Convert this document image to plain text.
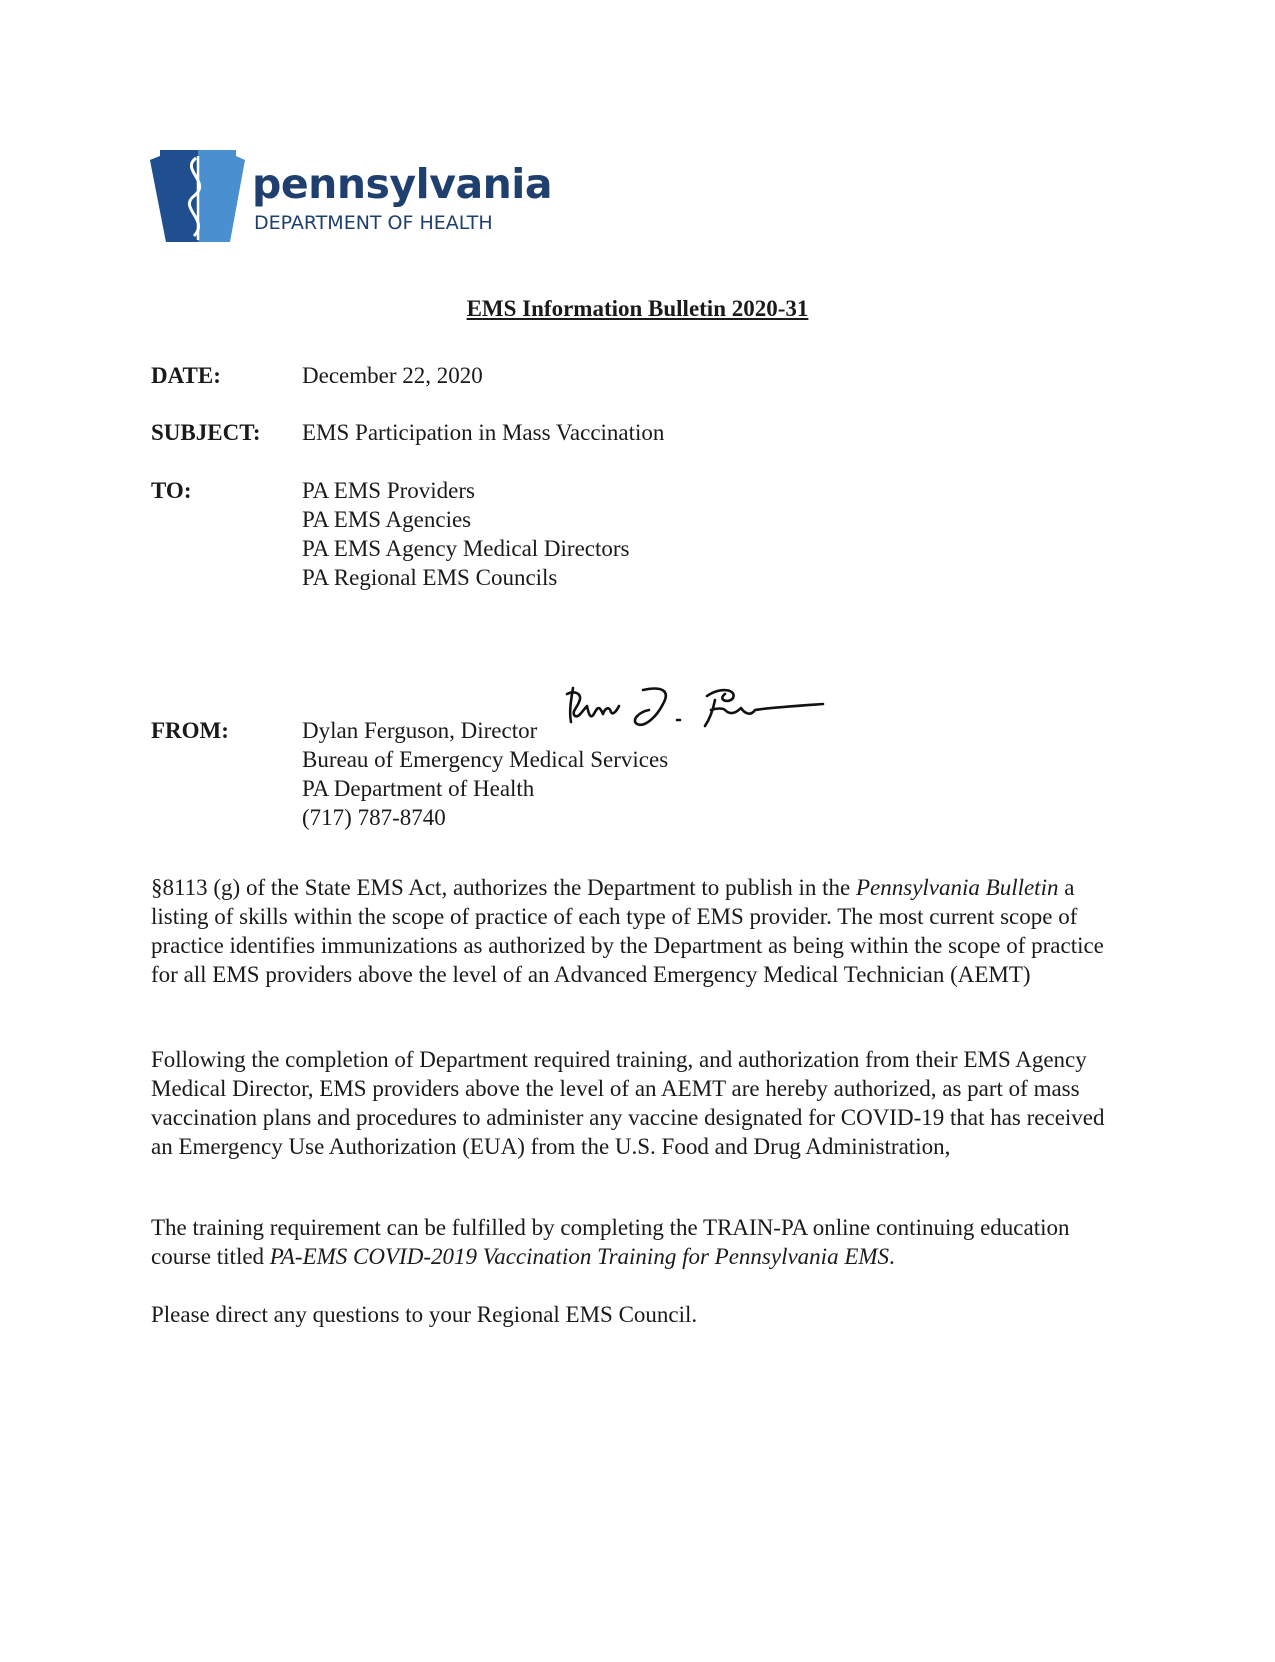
pennsylvania
DEPARTMENT OF HEALTH
EMS Information Bulletin 2020-31
DATE:	December 22, 2020
SUBJECT: EMS Participation in Mass Vaccination
TO:	PA EMS Providers
PA EMS Agencies
PA EMS Agency Medical Directors
PA Regional EMS Councils
FROM:	Dylan Ferguson, Director
Bureau of Emergency Medical Services
PA Department of Health
(717) 787-8740
§8113 (g) of the State EMS Act, authorizes the Department to publish in the Pennsylvania Bulletin a listing of skills within the scope of practice of each type of EMS provider. The most current scope of practice identifies immunizations as authorized by the Department as being within the scope of practice for all EMS providers above the level of an Advanced Emergency Medical Technician (AEMT)
Following the completion of Department required training, and authorization from their EMS Agency Medical Director, EMS providers above the level of an AEMT are hereby authorized, as part of mass vaccination plans and procedures to administer any vaccine designated for COVID-19 that has received an Emergency Use Authorization (EUA) from the U.S. Food and Drug Administration,
The training requirement can be fulfilled by completing the TRAIN-PA online continuing education course titled PA-EMS COVID-2019 Vaccination Training for Pennsylvania EMS.
Please direct any questions to your Regional EMS Council.
